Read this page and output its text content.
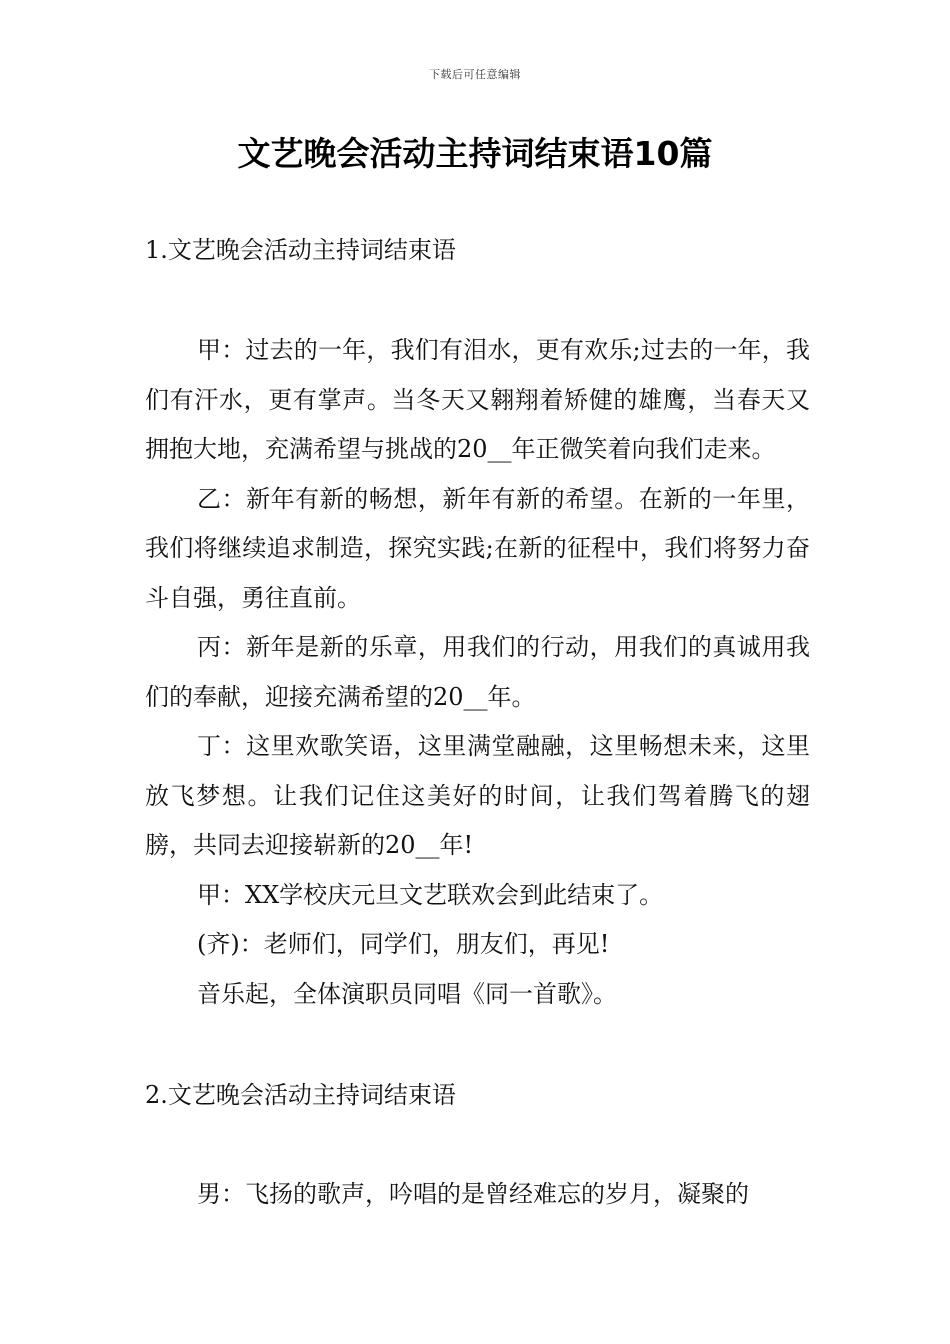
下载后可任意编辑
文艺晚会活动主持词结束语10篇
1.文艺晚会活动主持词结束语

甲：过去的一年，我们有泪水，更有欢乐;过去的一年，我们有汗水，更有掌声。当冬天又翱翔着矫健的雄鹰，当春天又拥抱大地，充满希望与挑战的20__年正微笑着向我们走来。

乙：新年有新的畅想，新年有新的希望。在新的一年里，我们将继续追求制造，探究实践;在新的征程中，我们将努力奋斗自强，勇往直前。

丙：新年是新的乐章，用我们的行动，用我们的真诚用我们的奉献，迎接充满希望的20__年。

丁：这里欢歌笑语，这里满堂融融，这里畅想未来，这里放飞梦想。让我们记住这美好的时间，让我们驾着腾飞的翅膀，共同去迎接崭新的20__年!

甲：XX学校庆元旦文艺联欢会到此结束了。

(齐)：老师们，同学们，朋友们，再见!

音乐起，全体演职员同唱《同一首歌》。

2.文艺晚会活动主持词结束语

男：飞扬的歌声，吟唱的是曾经难忘的岁月，凝聚的
